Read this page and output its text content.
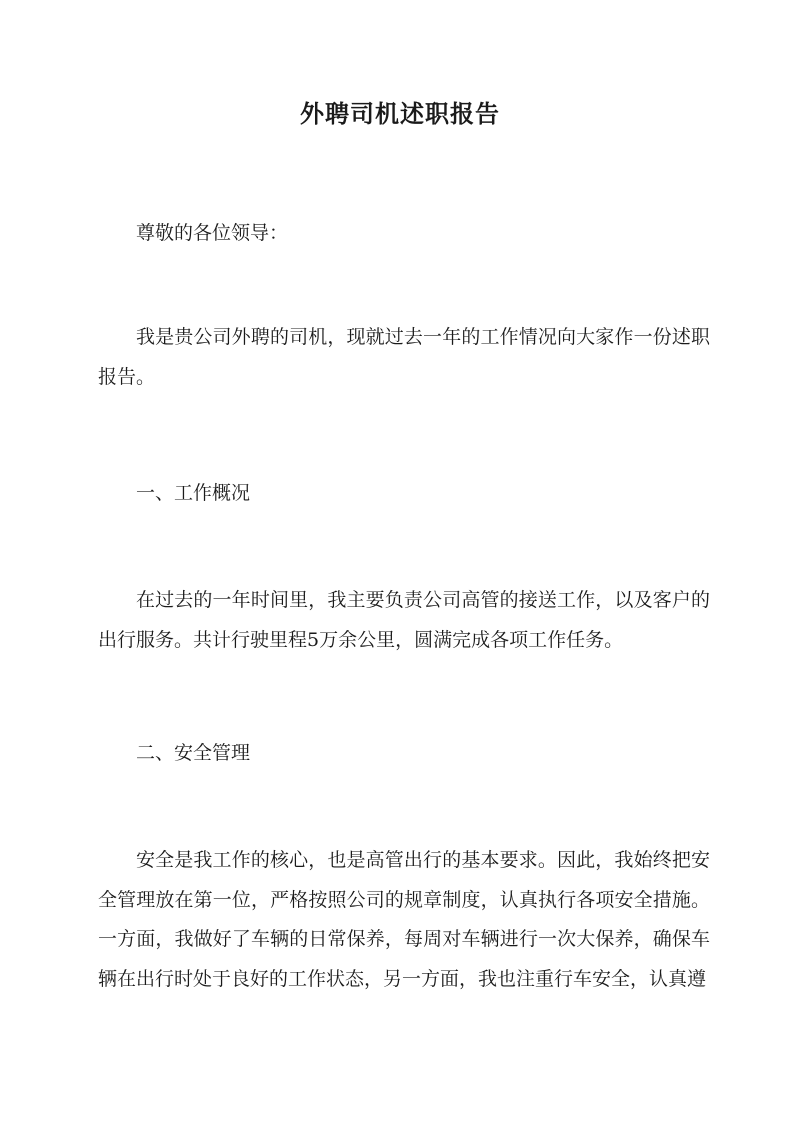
外聘司机述职报告

尊敬的各位领导：

我是贵公司外聘的司机，现就过去一年的工作情况向大家作一份述职报告。

一、工作概况

在过去的一年时间里，我主要负责公司高管的接送工作，以及客户的出行服务。共计行驶里程5万余公里，圆满完成各项工作任务。

二、安全管理

安全是我工作的核心，也是高管出行的基本要求。因此，我始终把安全管理放在第一位，严格按照公司的规章制度，认真执行各项安全措施。一方面，我做好了车辆的日常保养，每周对车辆进行一次大保养，确保车辆在出行时处于良好的工作状态，另一方面，我也注重行车安全，认真遵
